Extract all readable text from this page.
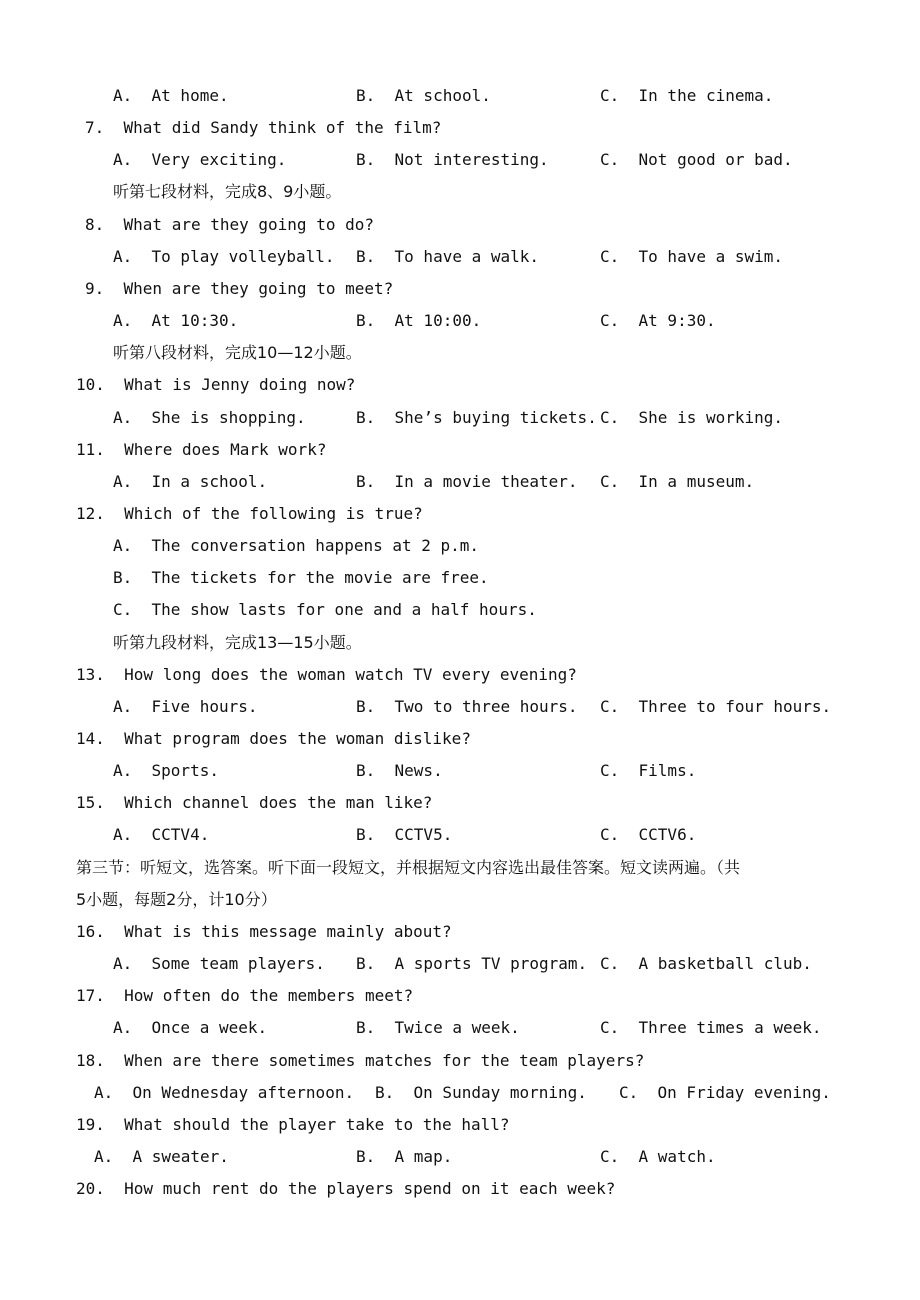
A.  At home.	B.  At school.	C.  In the cinema.
7.  What did Sandy think of the film?
A.  Very exciting.	B.  Not interesting.	C.  Not good or bad.
听第七段材料，完成8、9小题。
8.  What are they going to do?
A.  To play volleyball. B.  To have a walk.	C.  To have a swim.
9.  When are they going to meet?
A.  At 10:30.	B.  At 10:00.	C.  At 9:30.
听第八段材料，完成10—12小题。
10.  What is Jenny doing now?
A.  She is shopping.	B.  She’s buying tickets. C.  She is working.
11.  Where does Mark work?
A.  In a school.	B.  In a movie theater. C.  In a museum.
12.  Which of the following is true?
A.  The conversation happens at 2 p.m.
B.  The tickets for the movie are free.
C.  The show lasts for one and a half hours.
听第九段材料，完成13—15小题。
13.  How long does the woman watch TV every evening?
A.  Five hours.	B.  Two to three hours. C.  Three to four hours.
14.  What program does the woman dislike?
A.  Sports.	B.  News.	C.  Films.
15.  Which channel does the man like?
A.  CCTV4.	B.  CCTV5.	C.  CCTV6.
第三节：听短文，选答案。听下面一段短文，并根据短文内容选出最佳答案。短文读两遍。（共
5小题，每题2分，计10分）
16.  What is this message mainly about?
A.  Some team players. B.  A sports TV program. C.  A basketball club.
17.  How often do the members meet?
A.  Once a week.	B.  Twice a week.	C.  Three times a week.
18.  When are there sometimes matches for the team players?
A.  On Wednesday afternoon. B.  On Sunday morning. C.  On Friday evening.
19.  What should the player take to the hall?
A.  A sweater.	B.  A map.	C.  A watch.
20.  How much rent do the players spend on it each week?
